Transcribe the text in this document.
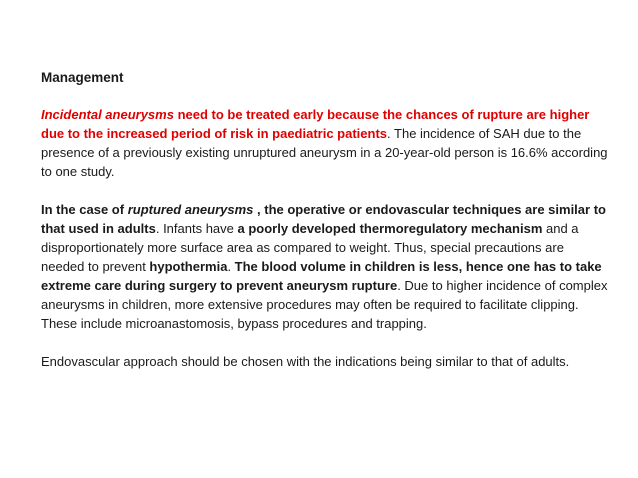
Management

Incidental aneurysms need to be treated early because the chances of rupture are higher due to the increased period of risk in paediatric patients. The incidence of SAH due to the presence of a previously existing unruptured aneurysm in a 20-year-old person is 16.6% according to one study.

In the case of ruptured aneurysms , the operative or endovascular techniques are similar to that used in adults. Infants have a poorly developed thermoregulatory mechanism and a disproportionately more surface area as compared to weight. Thus, special precautions are needed to prevent hypothermia. The blood volume in children is less, hence one has to take extreme care during surgery to prevent aneurysm rupture. Due to higher incidence of complex aneurysms in children, more extensive procedures may often be required to facilitate clipping. These include microanastomosis, bypass procedures and trapping.

Endovascular approach should be chosen with the indications being similar to that of adults.
